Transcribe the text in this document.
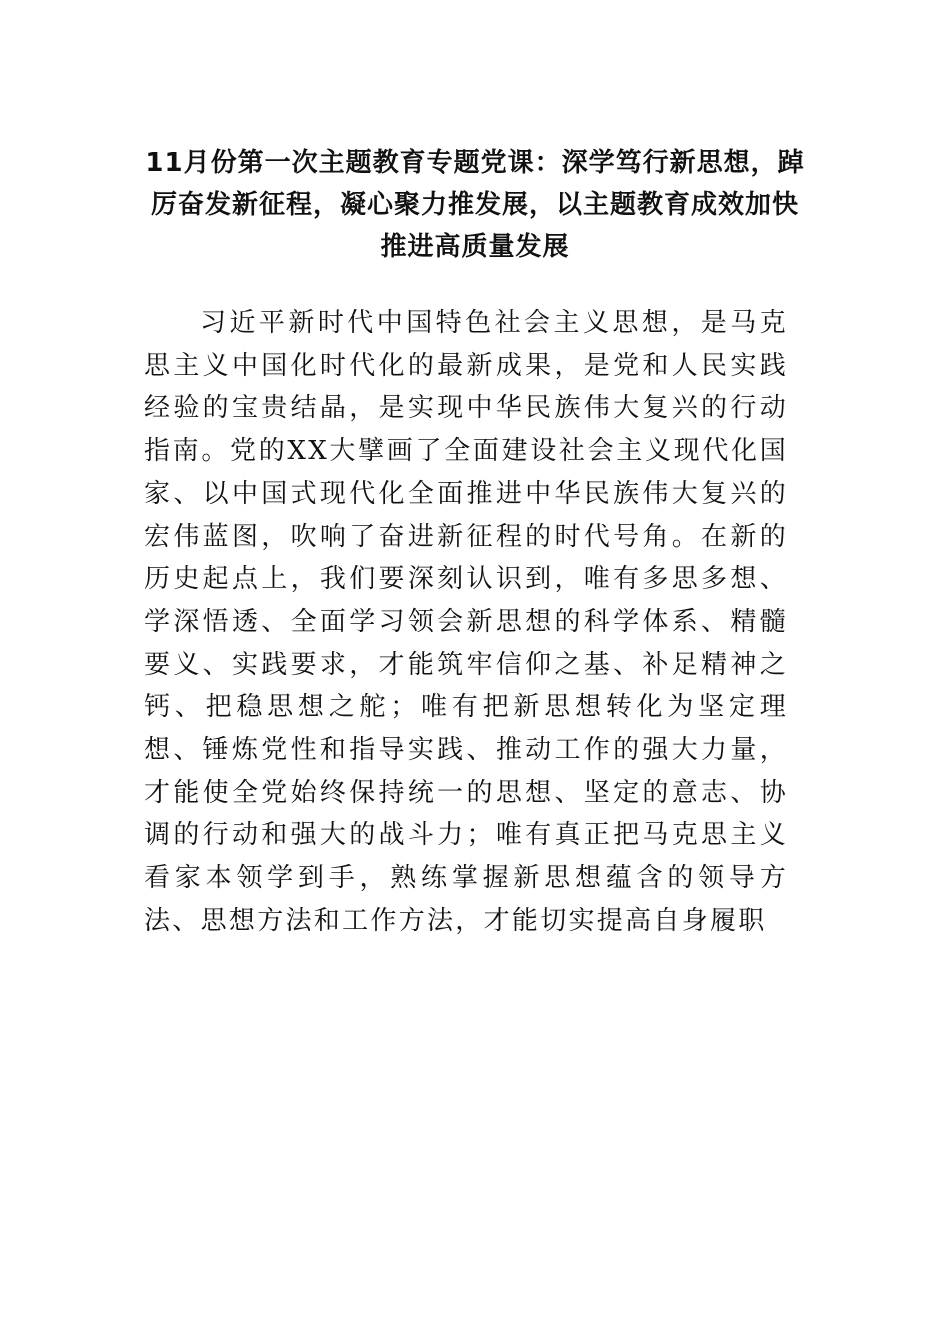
11月份第一次主题教育专题党课：深学笃行新思想，踔厉奋发新征程，凝心聚力推发展，以主题教育成效加快推进高质量发展

习近平新时代中国特色社会主义思想，是马克思主义中国化时代化的最新成果，是党和人民实践经验的宝贵结晶，是实现中华民族伟大复兴的行动指南。党的XX大擘画了全面建设社会主义现代化国家、以中国式现代化全面推进中华民族伟大复兴的宏伟蓝图，吹响了奋进新征程的时代号角。在新的历史起点上，我们要深刻认识到，唯有多思多想、学深悟透、全面学习领会新思想的科学体系、精髓要义、实践要求，才能筑牢信仰之基、补足精神之钙、把稳思想之舵；唯有把新思想转化为坚定理想、锤炼党性和指导实践、推动工作的强大力量，才能使全党始终保持统一的思想、坚定的意志、协调的行动和强大的战斗力；唯有真正把马克思主义看家本领学到手，熟练掌握新思想蕴含的领导方法、思想方法和工作方法，才能切实提高自身履职
